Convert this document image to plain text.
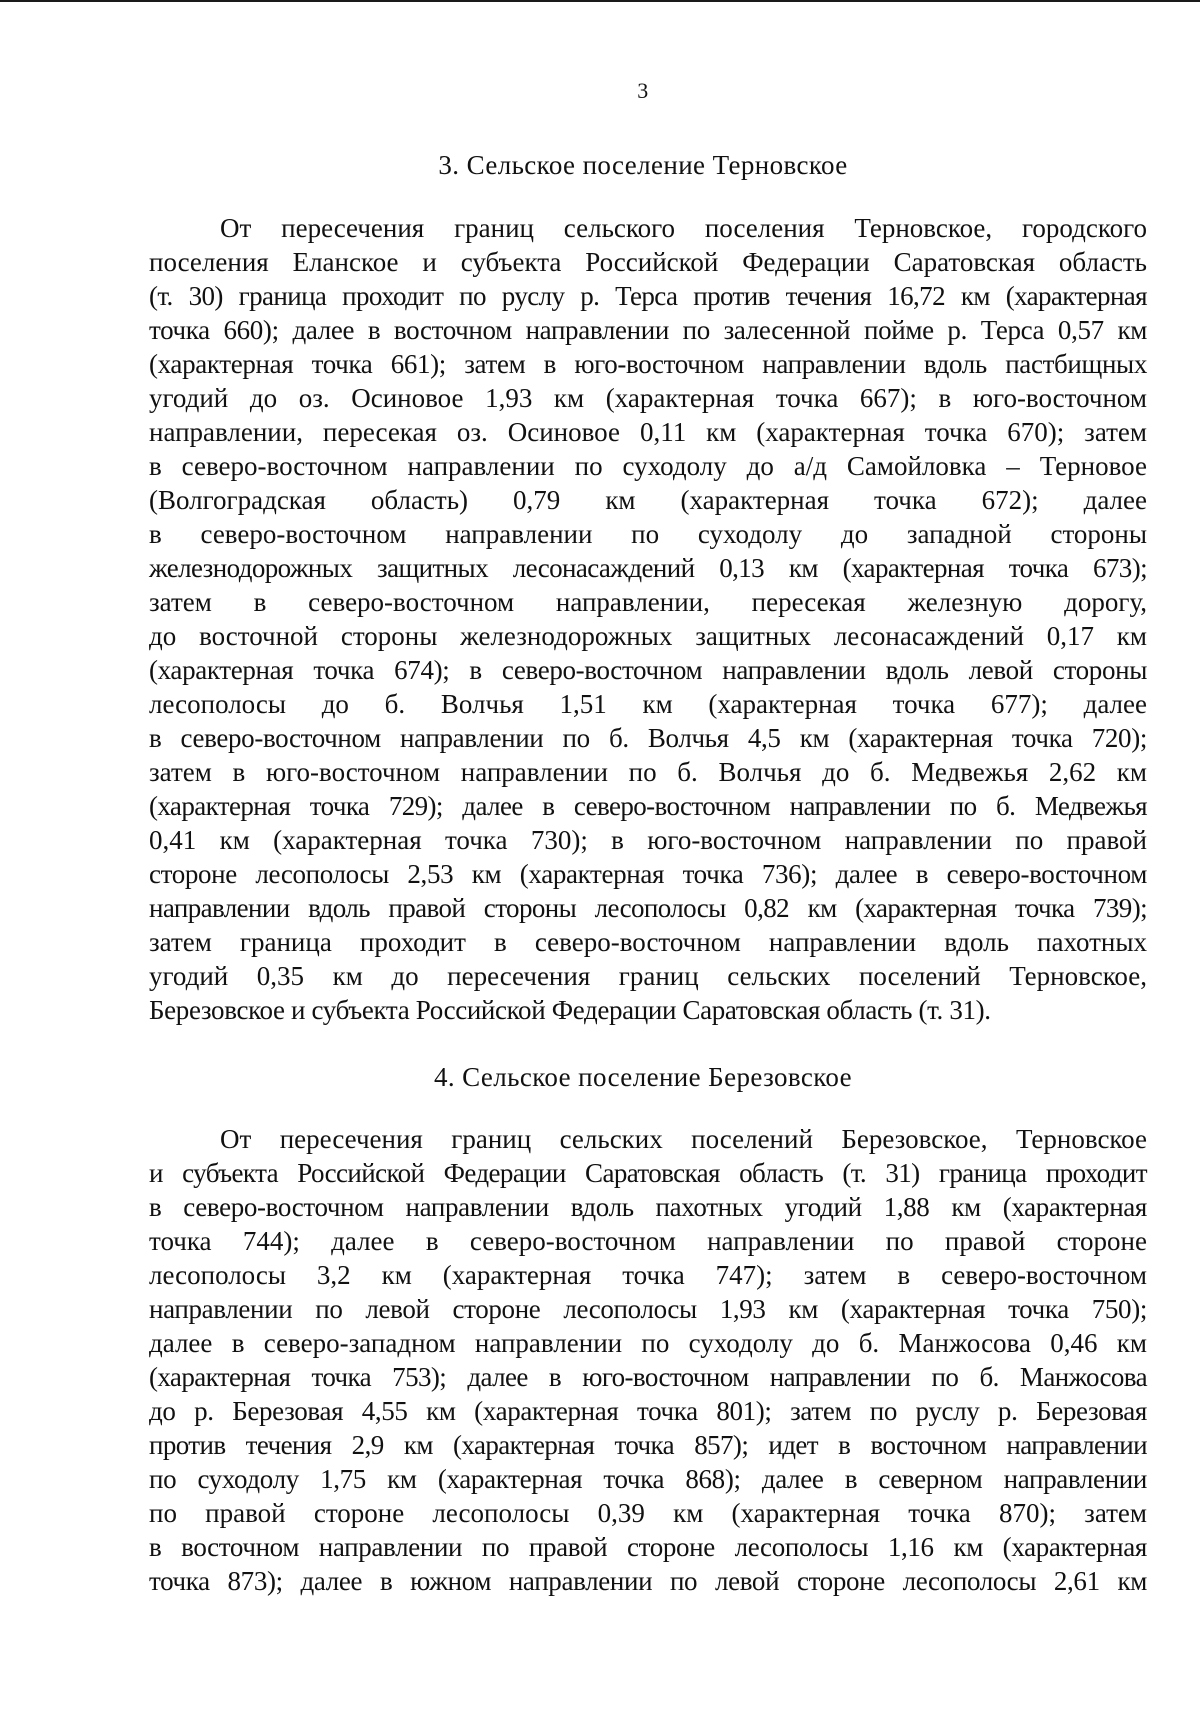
3
3. Сельское поселение Терновское
От пересечения границ сельского поселения Терновское, городского
поселения Еланское и субъекта Российской Федерации Саратовская область
(т. 30) граница проходит по руслу р. Терса против течения 16,72 км (характерная
точка 660); далее в восточном направлении по залесенной пойме р. Терса 0,57 км
(характерная точка 661); затем в юго-восточном направлении вдоль пастбищных
угодий до оз. Осиновое 1,93 км (характерная точка 667); в юго-восточном
направлении, пересекая оз. Осиновое 0,11 км (характерная точка 670); затем
в северо-восточном направлении по суходолу до а/д Самойловка – Терновое
(Волгоградская область) 0,79 км (характерная точка 672); далее
в северо-восточном направлении по суходолу до западной стороны
железнодорожных защитных лесонасаждений 0,13 км (характерная точка 673);
затем в северо-восточном направлении, пересекая железную дорогу,
до восточной стороны железнодорожных защитных лесонасаждений 0,17 км
(характерная точка 674); в северо-восточном направлении вдоль левой стороны
лесополосы до б. Волчья 1,51 км (характерная точка 677); далее
в северо-восточном направлении по б. Волчья 4,5 км (характерная точка 720);
затем в юго-восточном направлении по б. Волчья до б. Медвежья 2,62 км
(характерная точка 729); далее в северо-восточном направлении по б. Медвежья
0,41 км (характерная точка 730); в юго-восточном направлении по правой
стороне лесополосы 2,53 км (характерная точка 736); далее в северо-восточном
направлении вдоль правой стороны лесополосы 0,82 км (характерная точка 739);
затем граница проходит в северо-восточном направлении вдоль пахотных
угодий 0,35 км до пересечения границ сельских поселений Терновское,
Березовское и субъекта Российской Федерации Саратовская область (т. 31).
4. Сельское поселение Березовское
От пересечения границ сельских поселений Березовское, Терновское
и субъекта Российской Федерации Саратовская область (т. 31) граница проходит
в северо-восточном направлении вдоль пахотных угодий 1,88 км (характерная
точка 744); далее в северо-восточном направлении по правой стороне
лесополосы 3,2 км (характерная точка 747); затем в северо-восточном
направлении по левой стороне лесополосы 1,93 км (характерная точка 750);
далее в северо-западном направлении по суходолу до б. Манжосова 0,46 км
(характерная точка 753); далее в юго-восточном направлении по б. Манжосова
до р. Березовая 4,55 км (характерная точка 801); затем по руслу р. Березовая
против течения 2,9 км (характерная точка 857); идет в восточном направлении
по суходолу 1,75 км (характерная точка 868); далее в северном направлении
по правой стороне лесополосы 0,39 км (характерная точка 870); затем
в восточном направлении по правой стороне лесополосы 1,16 км (характерная
точка 873); далее в южном направлении по левой стороне лесополосы 2,61 км
